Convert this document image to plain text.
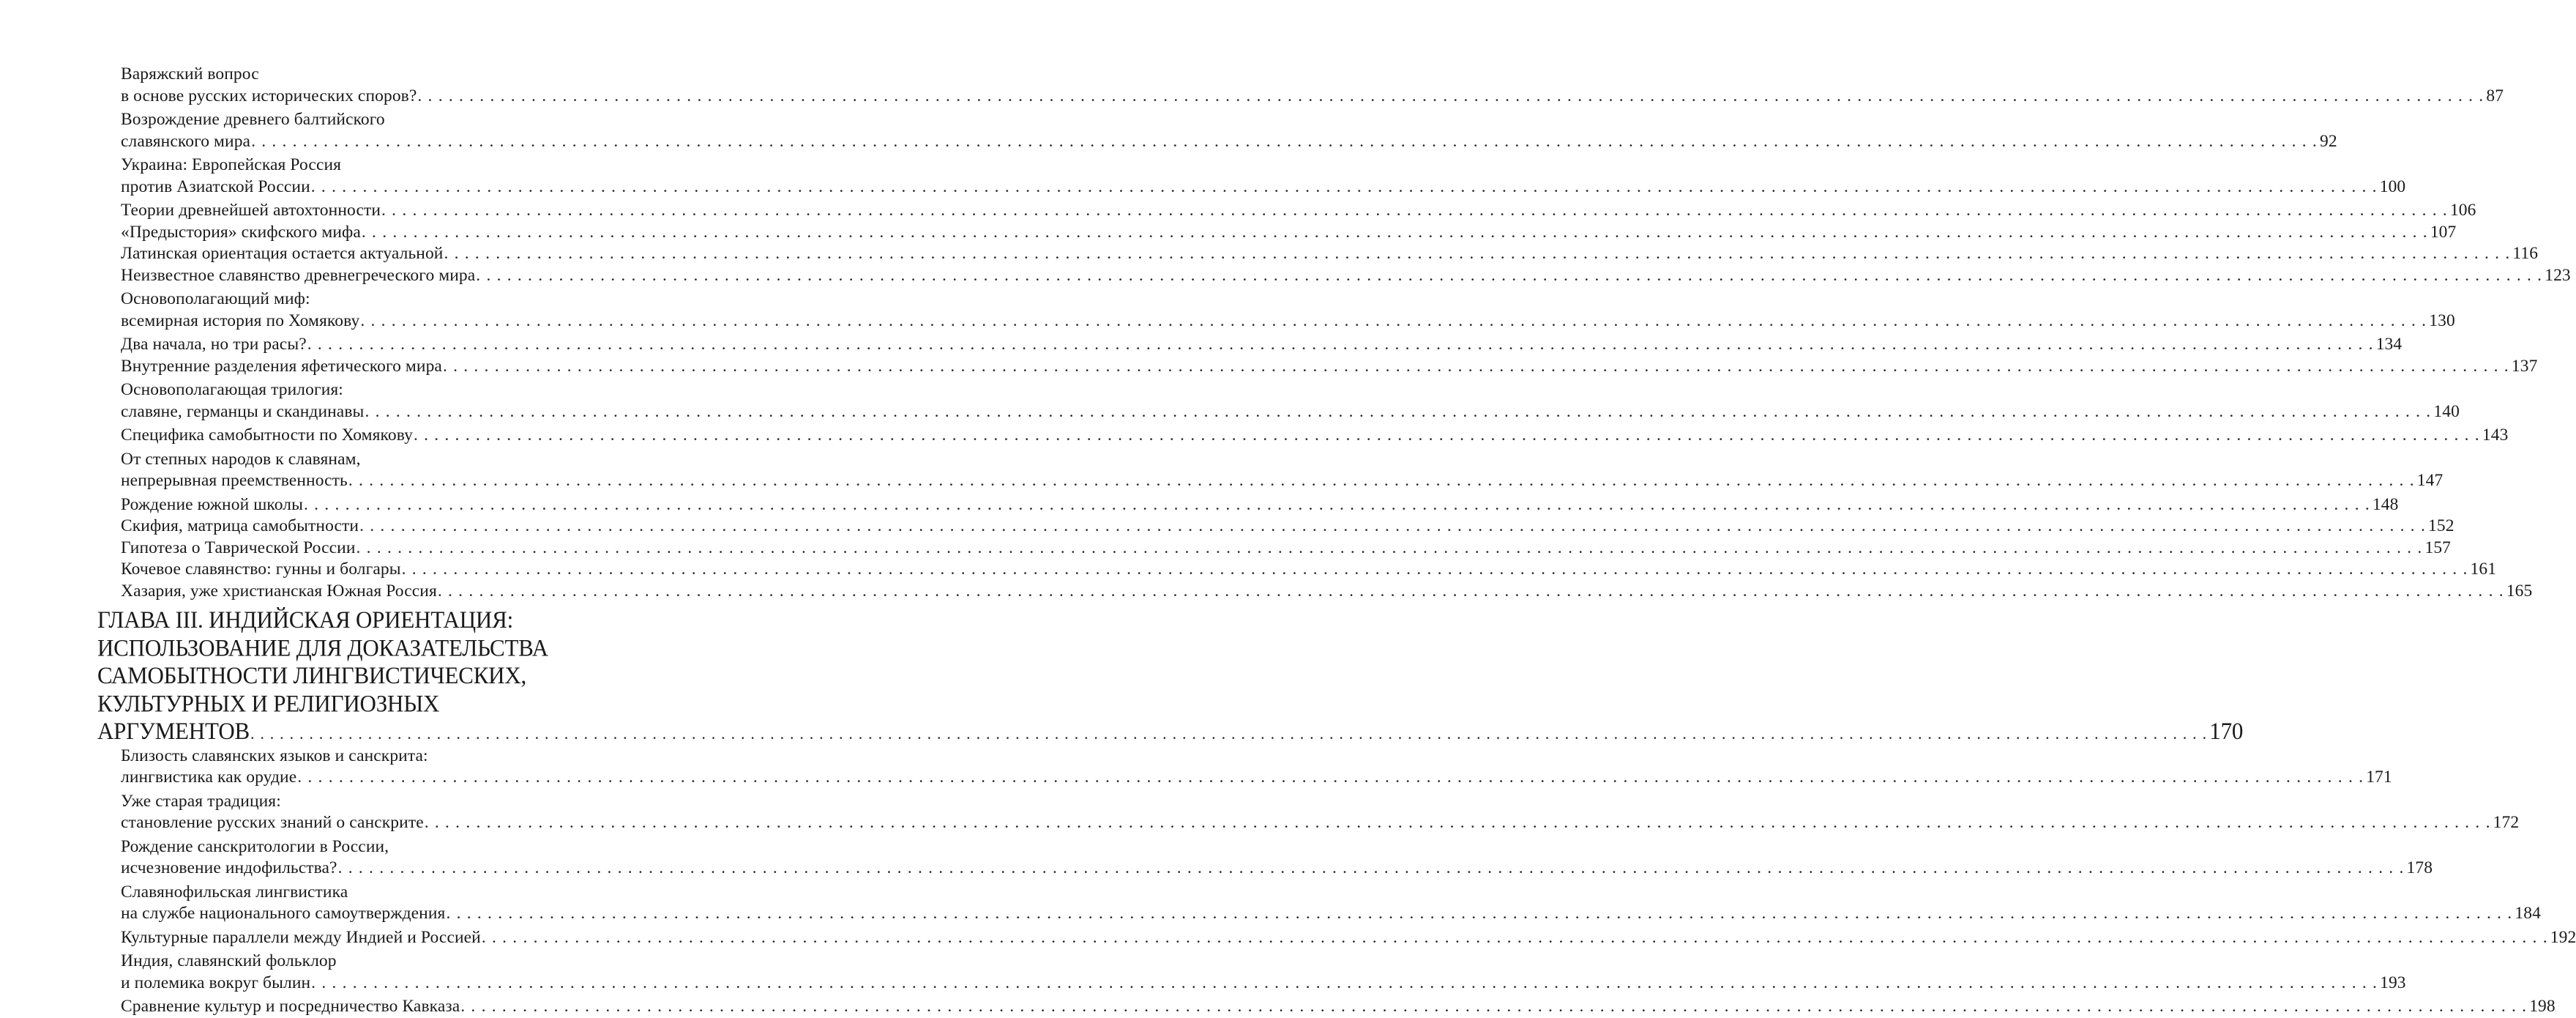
Варяжский вопрос
в основе русских исторических споров? . . . . . . . . . . . . . . . . . . . . . . . . . . . . . . . . . . . . . . . . . . . . . . . . . . . . . . . . . . . . . . . . . . . . . . . . . . . . . . . . . . . . . . . . . . . . . . . . . . . . . . . . . . . . . . . . . . . . . . . . . . . . . . . . . . . . . . . . . . . . . . . . . . . . . . . . . . . . . . . . . . . . . . . . . . . . . . . . . . . . . . . . . . . . . . . . . . . . . . . . 87
Возрождение древнего балтийского
славянского мира . . . . . . . . . . . . . . . . . . . . . . . . . . . . . . . . . . . . . . . . . . . . . . . . . . . . . . . . . . . . . . . . . . . . . . . . . . . . . . . . . . . . . . . . . . . . . . . . . . . . . . . . . . . . . . . . . . . . . . . . . . . . . . . . . . . . . . . . . . . . . . . . . . . . . . . . . . . . . . . . . . . . . . . . . . . . . . . . . . . . . . . . . . . . . . . . . . . . . . . . 92
Украина: Европейская Россия
против Азиатской России . . . . . . . . . . . . . . . . . . . . . . . . . . . . . . . . . . . . . . . . . . . . . . . . . . . . . . . . . . . . . . . . . . . . . . . . . . . . . . . . . . . . . . . . . . . . . . . . . . . . . . . . . . . . . . . . . . . . . . . . . . . . . . . . . . . . . . . . . . . . . . . . . . . . . . . . . . . . . . . . . . . . . . . . . . . . . . . . . . . . . . . . . . . . . . . . . . . . . . . . 100
Теории древнейшей автохтонности . . . . . . . . . . . . . . . . . . . . . . . . . . . . . . . . . . . . . . . . . . . . . . . . . . . . . . . . . . . . . . . . . . . . . . . . . . . . . . . . . . . . . . . . . . . . . . . . . . . . . . . . . . . . . . . . . . . . . . . . . . . . . . . . . . . . . . . . . . . . . . . . . . . . . . . . . . . . . . . . . . . . . . . . . . . . . . . . . . . . . . . . . . . . . . . . . . . . . . . . 106
«Предыстория» скифского мифа . . . . . . . . . . . . . . . . . . . . . . . . . . . . . . . . . . . . . . . . . . . . . . . . . . . . . . . . . . . . . . . . . . . . . . . . . . . . . . . . . . . . . . . . . . . . . . . . . . . . . . . . . . . . . . . . . . . . . . . . . . . . . . . . . . . . . . . . . . . . . . . . . . . . . . . . . . . . . . . . . . . . . . . . . . . . . . . . . . . . . . . . . . . . . . . . . . . . . . . . 107
Латинская ориентация остается актуальной . . . . . . . . . . . . . . . . . . . . . . . . . . . . . . . . . . . . . . . . . . . . . . . . . . . . . . . . . . . . . . . . . . . . . . . . . . . . . . . . . . . . . . . . . . . . . . . . . . . . . . . . . . . . . . . . . . . . . . . . . . . . . . . . . . . . . . . . . . . . . . . . . . . . . . . . . . . . . . . . . . . . . . . . . . . . . . . . . . . . . . . . . . . . . . . . . . . . . . . . 116
Неизвестное славянство древнегреческого мира . . . . . . . . . . . . . . . . . . . . . . . . . . . . . . . . . . . . . . . . . . . . . . . . . . . . . . . . . . . . . . . . . . . . . . . . . . . . . . . . . . . . . . . . . . . . . . . . . . . . . . . . . . . . . . . . . . . . . . . . . . . . . . . . . . . . . . . . . . . . . . . . . . . . . . . . . . . . . . . . . . . . . . . . . . . . . . . . . . . . . . . . . . . . . . . . . . . . . . . . 123
Основополагающий миф:
всемирная история по Хомякову . . . . . . . . . . . . . . . . . . . . . . . . . . . . . . . . . . . . . . . . . . . . . . . . . . . . . . . . . . . . . . . . . . . . . . . . . . . . . . . . . . . . . . . . . . . . . . . . . . . . . . . . . . . . . . . . . . . . . . . . . . . . . . . . . . . . . . . . . . . . . . . . . . . . . . . . . . . . . . . . . . . . . . . . . . . . . . . . . . . . . . . . . . . . . . . . . . . . . . . . 130
Два начала, но три расы? . . . . . . . . . . . . . . . . . . . . . . . . . . . . . . . . . . . . . . . . . . . . . . . . . . . . . . . . . . . . . . . . . . . . . . . . . . . . . . . . . . . . . . . . . . . . . . . . . . . . . . . . . . . . . . . . . . . . . . . . . . . . . . . . . . . . . . . . . . . . . . . . . . . . . . . . . . . . . . . . . . . . . . . . . . . . . . . . . . . . . . . . . . . . . . . . . . . . . . . . 134
Внутренние разделения яфетического мира . . . . . . . . . . . . . . . . . . . . . . . . . . . . . . . . . . . . . . . . . . . . . . . . . . . . . . . . . . . . . . . . . . . . . . . . . . . . . . . . . . . . . . . . . . . . . . . . . . . . . . . . . . . . . . . . . . . . . . . . . . . . . . . . . . . . . . . . . . . . . . . . . . . . . . . . . . . . . . . . . . . . . . . . . . . . . . . . . . . . . . . . . . . . . . . . . . . . . . . . 137
Основополагающая трилогия:
славяне, германцы и скандинавы . . . . . . . . . . . . . . . . . . . . . . . . . . . . . . . . . . . . . . . . . . . . . . . . . . . . . . . . . . . . . . . . . . . . . . . . . . . . . . . . . . . . . . . . . . . . . . . . . . . . . . . . . . . . . . . . . . . . . . . . . . . . . . . . . . . . . . . . . . . . . . . . . . . . . . . . . . . . . . . . . . . . . . . . . . . . . . . . . . . . . . . . . . . . . . . . . . . . . . . . 140
Специфика самобытности по Хомякову . . . . . . . . . . . . . . . . . . . . . . . . . . . . . . . . . . . . . . . . . . . . . . . . . . . . . . . . . . . . . . . . . . . . . . . . . . . . . . . . . . . . . . . . . . . . . . . . . . . . . . . . . . . . . . . . . . . . . . . . . . . . . . . . . . . . . . . . . . . . . . . . . . . . . . . . . . . . . . . . . . . . . . . . . . . . . . . . . . . . . . . . . . . . . . . . . . . . . . . . 143
От степных народов к славянам,
непрерывная преемственность . . . . . . . . . . . . . . . . . . . . . . . . . . . . . . . . . . . . . . . . . . . . . . . . . . . . . . . . . . . . . . . . . . . . . . . . . . . . . . . . . . . . . . . . . . . . . . . . . . . . . . . . . . . . . . . . . . . . . . . . . . . . . . . . . . . . . . . . . . . . . . . . . . . . . . . . . . . . . . . . . . . . . . . . . . . . . . . . . . . . . . . . . . . . . . . . . . . . . . . . 147
Рождение южной школы . . . . . . . . . . . . . . . . . . . . . . . . . . . . . . . . . . . . . . . . . . . . . . . . . . . . . . . . . . . . . . . . . . . . . . . . . . . . . . . . . . . . . . . . . . . . . . . . . . . . . . . . . . . . . . . . . . . . . . . . . . . . . . . . . . . . . . . . . . . . . . . . . . . . . . . . . . . . . . . . . . . . . . . . . . . . . . . . . . . . . . . . . . . . . . . . . . . . . . . . 148
Скифия, матрица самобытности . . . . . . . . . . . . . . . . . . . . . . . . . . . . . . . . . . . . . . . . . . . . . . . . . . . . . . . . . . . . . . . . . . . . . . . . . . . . . . . . . . . . . . . . . . . . . . . . . . . . . . . . . . . . . . . . . . . . . . . . . . . . . . . . . . . . . . . . . . . . . . . . . . . . . . . . . . . . . . . . . . . . . . . . . . . . . . . . . . . . . . . . . . . . . . . . . . . . . . . . 152
Гипотеза о Таврической России . . . . . . . . . . . . . . . . . . . . . . . . . . . . . . . . . . . . . . . . . . . . . . . . . . . . . . . . . . . . . . . . . . . . . . . . . . . . . . . . . . . . . . . . . . . . . . . . . . . . . . . . . . . . . . . . . . . . . . . . . . . . . . . . . . . . . . . . . . . . . . . . . . . . . . . . . . . . . . . . . . . . . . . . . . . . . . . . . . . . . . . . . . . . . . . . . . . . . . . . 157
Кочевое славянство: гунны и болгары . . . . . . . . . . . . . . . . . . . . . . . . . . . . . . . . . . . . . . . . . . . . . . . . . . . . . . . . . . . . . . . . . . . . . . . . . . . . . . . . . . . . . . . . . . . . . . . . . . . . . . . . . . . . . . . . . . . . . . . . . . . . . . . . . . . . . . . . . . . . . . . . . . . . . . . . . . . . . . . . . . . . . . . . . . . . . . . . . . . . . . . . . . . . . . . . . . . . . . . . 161
Хазария, уже христианская Южная Россия . . . . . . . . . . . . . . . . . . . . . . . . . . . . . . . . . . . . . . . . . . . . . . . . . . . . . . . . . . . . . . . . . . . . . . . . . . . . . . . . . . . . . . . . . . . . . . . . . . . . . . . . . . . . . . . . . . . . . . . . . . . . . . . . . . . . . . . . . . . . . . . . . . . . . . . . . . . . . . . . . . . . . . . . . . . . . . . . . . . . . . . . . . . . . . . . . . . . . . . . 165
ГЛАВА III. ИНДИЙСКАЯ ОРИЕНТАЦИЯ:
ИСПОЛЬЗОВАНИЕ ДЛЯ ДОКАЗАТЕЛЬСТВА
САМОБЫТНОСТИ ЛИНГВИСТИЧЕСКИХ,
КУЛЬТУРНЫХ И РЕЛИГИОЗНЫХ
АРГУМЕНТОВ . . . . . . . . . . . . . . . . . . . . . . . . . . . . . . . . . . . . . . . . . . . . . . . . . . . . . . . . . . . . . . . . . . . . . . . . . . . . . . . . . . . . . . . . . . . . . . . . . . . . . . . . . . . . . . . . . . . . . . . . . . . . . . . . . . . . . . . . . . . . . . . . . . . . . . . . . . . . . . . . . . . . . . . . . . . . . . . . . . . . . . . . . . . . . . . . . . . . . . . . 170
Близость славянских языков и санскрита:
лингвистика как орудие . . . . . . . . . . . . . . . . . . . . . . . . . . . . . . . . . . . . . . . . . . . . . . . . . . . . . . . . . . . . . . . . . . . . . . . . . . . . . . . . . . . . . . . . . . . . . . . . . . . . . . . . . . . . . . . . . . . . . . . . . . . . . . . . . . . . . . . . . . . . . . . . . . . . . . . . . . . . . . . . . . . . . . . . . . . . . . . . . . . . . . . . . . . . . . . . . . . . . . . . 171
Уже старая традиция:
становление русских знаний о санскрите . . . . . . . . . . . . . . . . . . . . . . . . . . . . . . . . . . . . . . . . . . . . . . . . . . . . . . . . . . . . . . . . . . . . . . . . . . . . . . . . . . . . . . . . . . . . . . . . . . . . . . . . . . . . . . . . . . . . . . . . . . . . . . . . . . . . . . . . . . . . . . . . . . . . . . . . . . . . . . . . . . . . . . . . . . . . . . . . . . . . . . . . . . . . . . . . . . . . . . . . 172
Рождение санскритологии в России,
исчезновение индофильства? . . . . . . . . . . . . . . . . . . . . . . . . . . . . . . . . . . . . . . . . . . . . . . . . . . . . . . . . . . . . . . . . . . . . . . . . . . . . . . . . . . . . . . . . . . . . . . . . . . . . . . . . . . . . . . . . . . . . . . . . . . . . . . . . . . . . . . . . . . . . . . . . . . . . . . . . . . . . . . . . . . . . . . . . . . . . . . . . . . . . . . . . . . . . . . . . . . . . . . . . 178
Славянофильская лингвистика
на службе национального самоутверждения . . . . . . . . . . . . . . . . . . . . . . . . . . . . . . . . . . . . . . . . . . . . . . . . . . . . . . . . . . . . . . . . . . . . . . . . . . . . . . . . . . . . . . . . . . . . . . . . . . . . . . . . . . . . . . . . . . . . . . . . . . . . . . . . . . . . . . . . . . . . . . . . . . . . . . . . . . . . . . . . . . . . . . . . . . . . . . . . . . . . . . . . . . . . . . . . . . . . . . . . 184
Культурные параллели между Индией и Россией . . . . . . . . . . . . . . . . . . . . . . . . . . . . . . . . . . . . . . . . . . . . . . . . . . . . . . . . . . . . . . . . . . . . . . . . . . . . . . . . . . . . . . . . . . . . . . . . . . . . . . . . . . . . . . . . . . . . . . . . . . . . . . . . . . . . . . . . . . . . . . . . . . . . . . . . . . . . . . . . . . . . . . . . . . . . . . . . . . . . . . . . . . . . . . . . . . . . . . . . 192
Индия, славянский фольклор
и полемика вокруг былин . . . . . . . . . . . . . . . . . . . . . . . . . . . . . . . . . . . . . . . . . . . . . . . . . . . . . . . . . . . . . . . . . . . . . . . . . . . . . . . . . . . . . . . . . . . . . . . . . . . . . . . . . . . . . . . . . . . . . . . . . . . . . . . . . . . . . . . . . . . . . . . . . . . . . . . . . . . . . . . . . . . . . . . . . . . . . . . . . . . . . . . . . . . . . . . . . . . . . . . . 193
Сравнение культур и посредничество Кавказа . . . . . . . . . . . . . . . . . . . . . . . . . . . . . . . . . . . . . . . . . . . . . . . . . . . . . . . . . . . . . . . . . . . . . . . . . . . . . . . . . . . . . . . . . . . . . . . . . . . . . . . . . . . . . . . . . . . . . . . . . . . . . . . . . . . . . . . . . . . . . . . . . . . . . . . . . . . . . . . . . . . . . . . . . . . . . . . . . . . . . . . . . . . . . . . . . . . . . . . . 198
